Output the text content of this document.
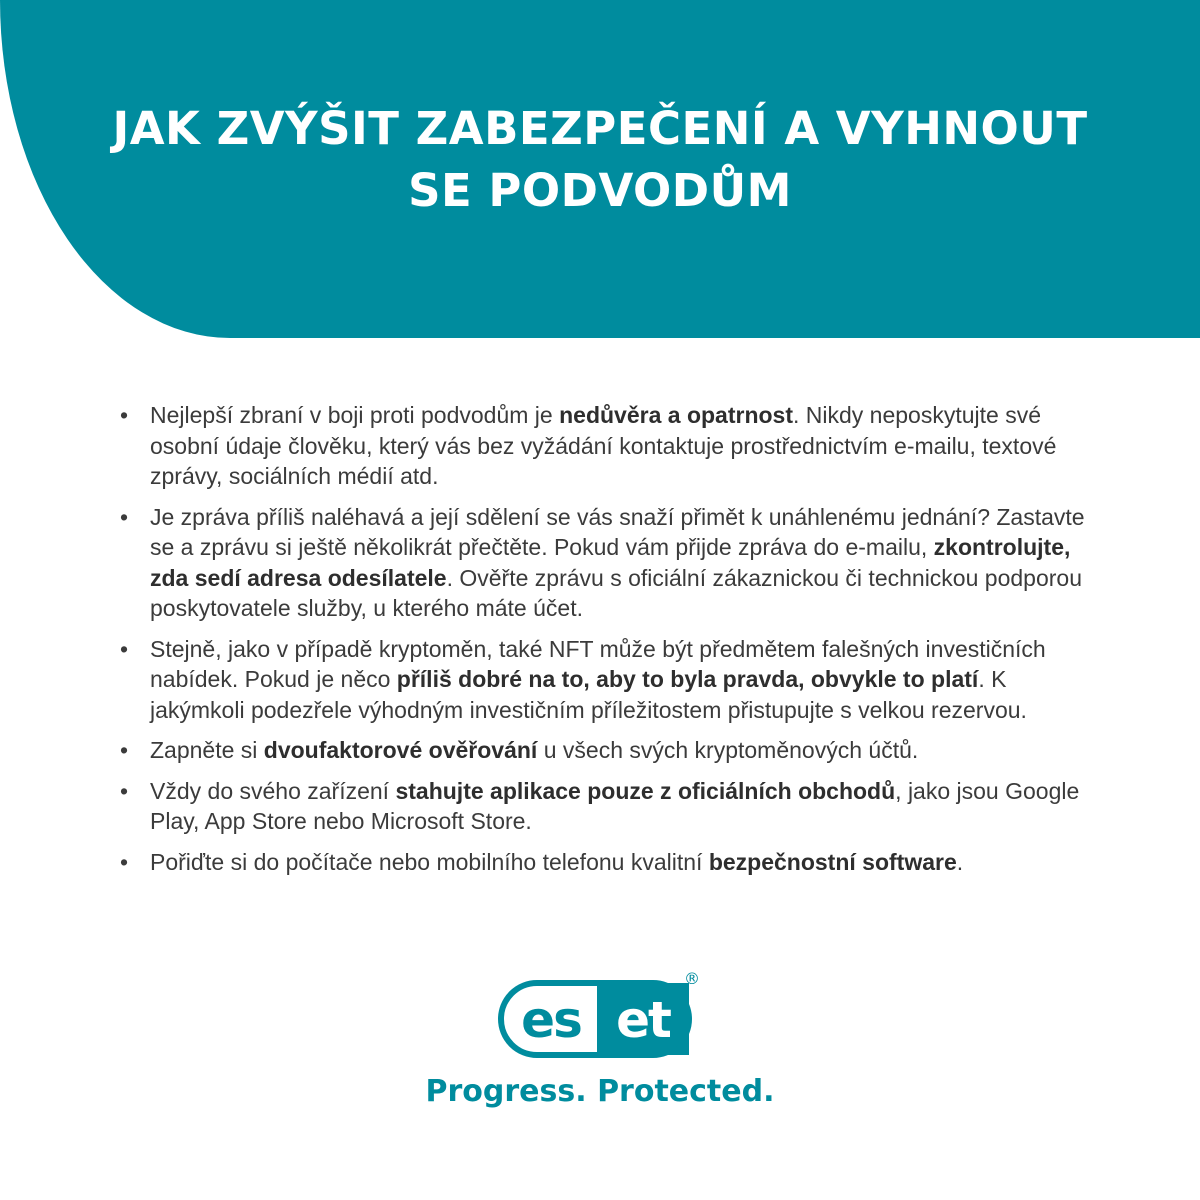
JAK ZVÝŠIT ZABEZPEČENÍ A VYHNOUT
SE PODVODŮM
• Nejlepší zbraní v boji proti podvodům je nedůvěra a opatrnost. Nikdy neposkytujte své osobní údaje člověku, který vás bez vyžádání kontaktuje prostřednictvím e-mailu, textové zprávy, sociálních médií atd.
• Je zpráva příliš naléhavá a její sdělení se vás snaží přimět k unáhlenému jednání? Zastavte se a zprávu si ještě několikrát přečtěte. Pokud vám přijde zpráva do e-mailu, zkontrolujte, zda sedí adresa odesílatele. Ověřte zprávu s oficiální zákaznickou či technickou podporou poskytovatele služby, u kterého máte účet.
• Stejně, jako v případě kryptoměn, také NFT může být předmětem falešných investičních nabídek. Pokud je něco příliš dobré na to, aby to byla pravda, obvykle to platí. K jakýmkoli podezřele výhodným investičním příležitostem přistupujte s velkou rezervou.
• Zapněte si dvoufaktorové ověřování u všech svých kryptoměnových účtů.
• Vždy do svého zařízení stahujte aplikace pouze z oficiálních obchodů, jako jsou Google Play, App Store nebo Microsoft Store.
• Pořiďte si do počítače nebo mobilního telefonu kvalitní bezpečnostní software.
es et
®

Progress. Protected.
